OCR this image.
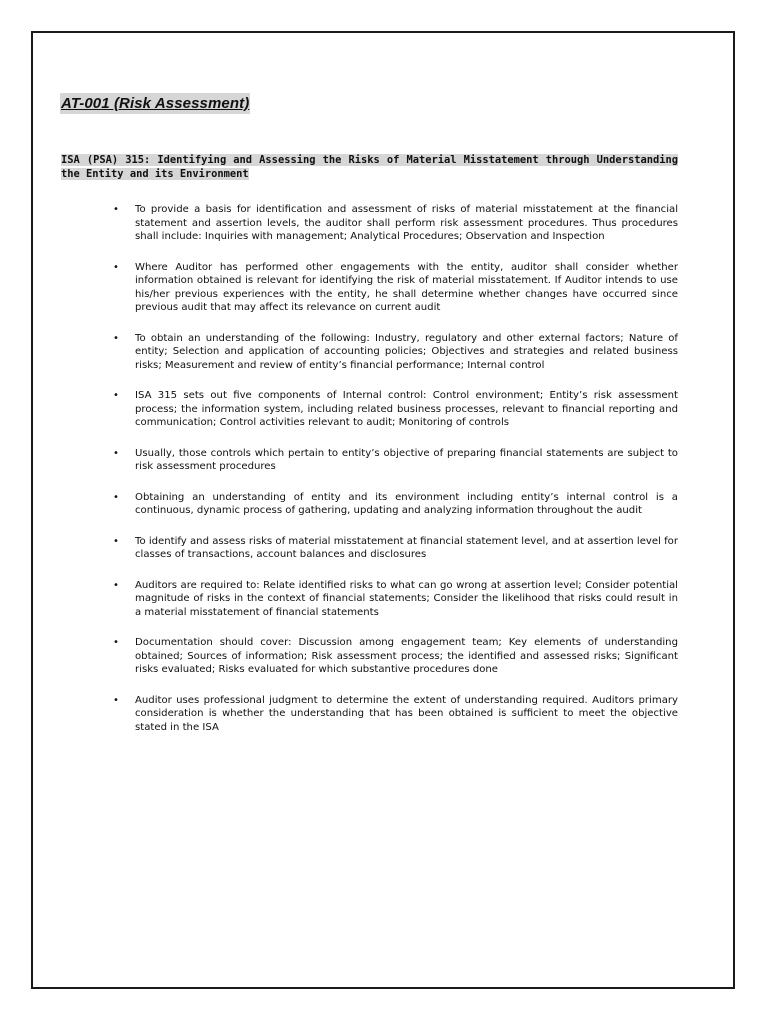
AT-001 (Risk Assessment)
ISA (PSA) 315: Identifying and Assessing the Risks of Material Misstatement through Understanding the Entity and its Environment
• To provide a basis for identification and assessment of risks of material misstatement at the financial statement and assertion levels, the auditor shall perform risk assessment procedures. Thus procedures shall include: Inquiries with management; Analytical Procedures; Observation and Inspection
• Where Auditor has performed other engagements with the entity, auditor shall consider whether information obtained is relevant for identifying the risk of material misstatement. If Auditor intends to use his/her previous experiences with the entity, he shall determine whether changes have occurred since previous audit that may affect its relevance on current audit
• To obtain an understanding of the following: Industry, regulatory and other external factors; Nature of entity; Selection and application of accounting policies; Objectives and strategies and related business risks; Measurement and review of entity’s financial performance; Internal control
• ISA 315 sets out five components of Internal control: Control environment; Entity’s risk assessment process; the information system, including related business processes, relevant to financial reporting and communication; Control activities relevant to audit; Monitoring of controls
• Usually, those controls which pertain to entity’s objective of preparing financial statements are subject to risk assessment procedures
• Obtaining an understanding of entity and its environment including entity’s internal control is a continuous, dynamic process of gathering, updating and analyzing information throughout the audit
• To identify and assess risks of material misstatement at financial statement level, and at assertion level for classes of transactions, account balances and disclosures
• Auditors are required to: Relate identified risks to what can go wrong at assertion level; Consider potential magnitude of risks in the context of financial statements; Consider the likelihood that risks could result in a material misstatement of financial statements
• Documentation should cover: Discussion among engagement team; Key elements of understanding obtained; Sources of information; Risk assessment process; the identified and assessed risks; Significant risks evaluated; Risks evaluated for which substantive procedures done
• Auditor uses professional judgment to determine the extent of understanding required. Auditors primary consideration is whether the understanding that has been obtained is sufficient to meet the objective stated in the ISA
